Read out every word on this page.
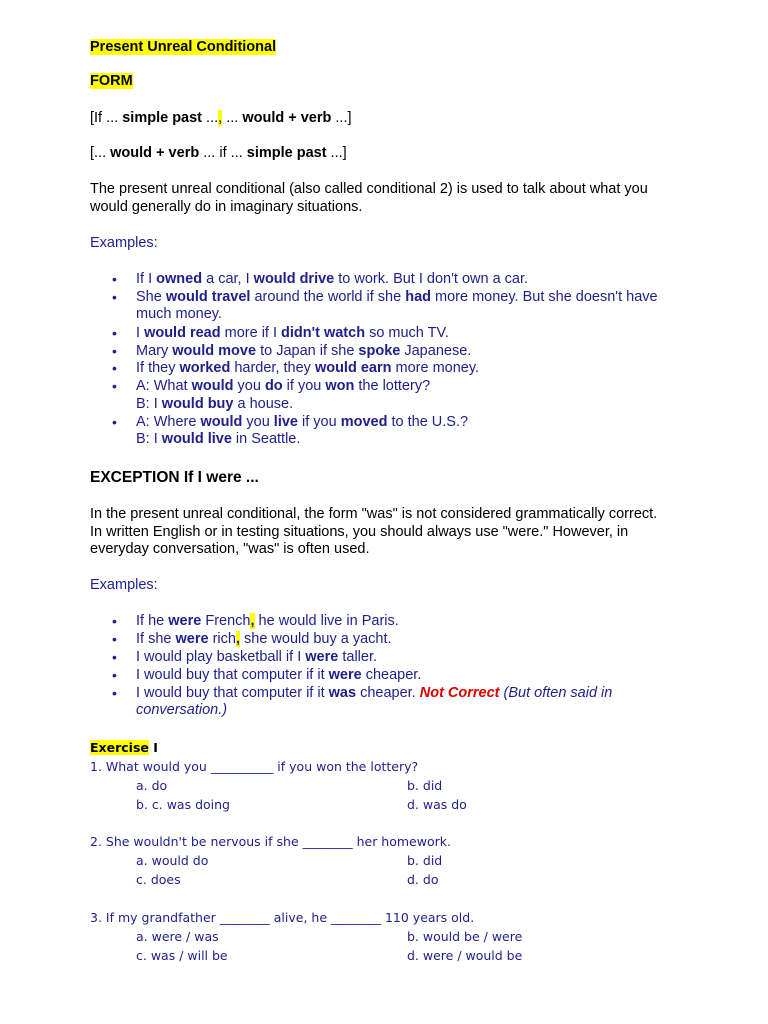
Present Unreal Conditional
FORM
[If ... simple past ..., ... would + verb ...]
[... would + verb ... if ... simple past ...]
The present unreal conditional (also called conditional 2) is used to talk about what you
would generally do in imaginary situations.
Examples:
• If I owned a car, I would drive to work. But I don't own a car.
• She would travel around the world if she had more money. But she doesn't have
much money.
• I would read more if I didn't watch so much TV.
• Mary would move to Japan if she spoke Japanese.
• If they worked harder, they would earn more money.
• A: What would you do if you won the lottery?
B: I would buy a house.
• A: Where would you live if you moved to the U.S.?
B: I would live in Seattle.
EXCEPTION If I were ...
In the present unreal conditional, the form "was" is not considered grammatically correct.
In written English or in testing situations, you should always use "were." However, in
everyday conversation, "was" is often used.
Examples:
• If he were French, he would live in Paris.
• If she were rich, she would buy a yacht.
• I would play basketball if I were taller.
• I would buy that computer if it were cheaper.
• I would buy that computer if it was cheaper. Not Correct (But often said in
conversation.)
Exercise I
1. What would you __________ if you won the lottery?
a. do	b. did
b. c. was doing	d. was do
2. She wouldn't be nervous if she ________ her homework.
a. would do	b. did
c. does	d. do
3. If my grandfather ________ alive, he ________ 110 years old.
a. were / was	b. would be / were
c. was / will be	d. were / would be
